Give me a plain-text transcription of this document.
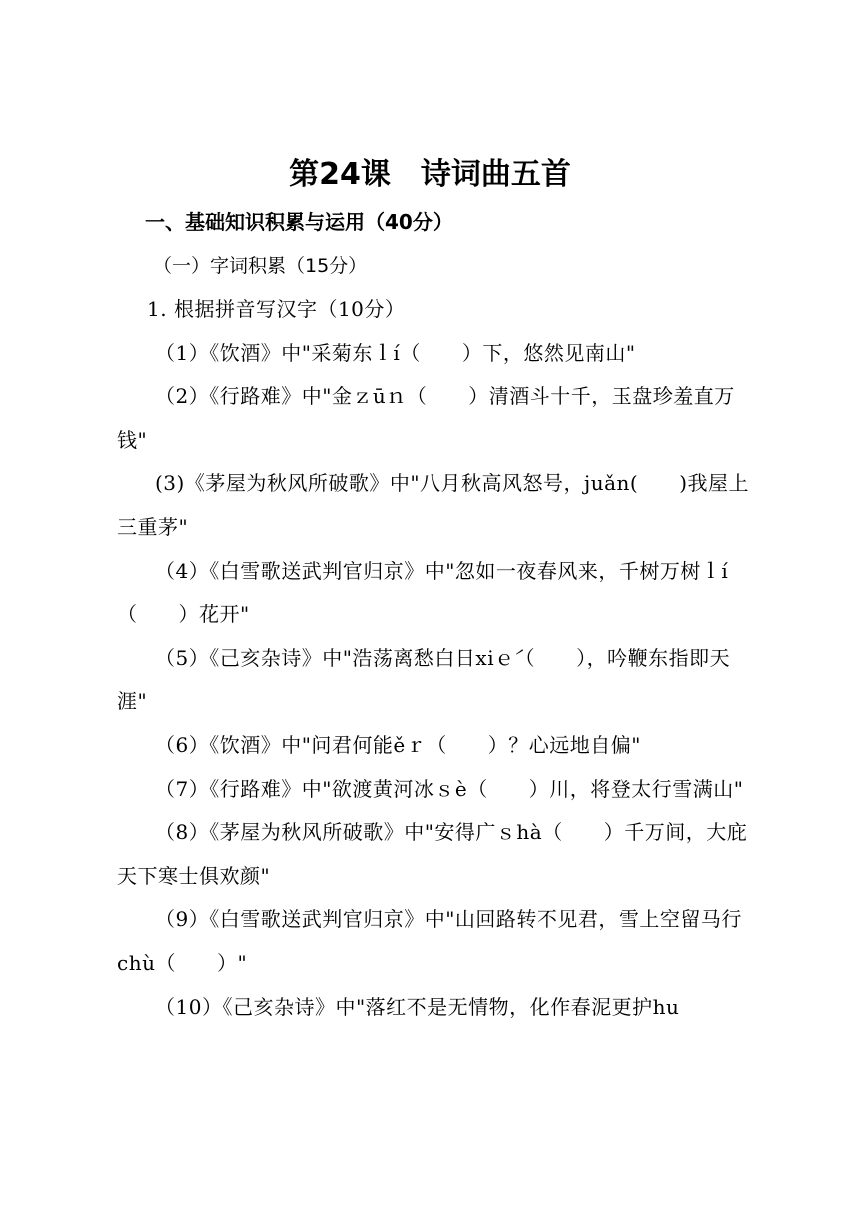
第24课　诗词曲五首
一、基础知识积累与运用（40分）
（一）字词积累（15分）

1. 根据拼音写汉字（10分）

（1）《饮酒》中"采菊东ｌí（　　）下，悠然见南山"

（2）《行路难》中"金ｚūｎ（　　）清酒斗十千，玉盘珍羞直万钱"

(3)《茅屋为秋风所破歌》中"八月秋高风怒号，juǎn(　　)我屋上三重茅"

（4）《白雪歌送武判官归京》中"忽如一夜春风来，千树万树ｌí（　　）花开"

（5）《己亥杂诗》中"浩荡离愁白日xiｅ́（　　），吟鞭东指即天涯"

（6）《饮酒》中"问君何能ěｒ（　　）？心远地自偏"

（7）《行路难》中"欲渡黄河冰ｓè（　　）川，将登太行雪满山"

（8）《茅屋为秋风所破歌》中"安得广ｓhà（　　）千万间，大庇天下寒士俱欢颜"

（9）《白雪歌送武判官归京》中"山回路转不见君，雪上空留马行chù（　　）"

（10）《己亥杂诗》中"落红不是无情物，化作春泥更护hu
